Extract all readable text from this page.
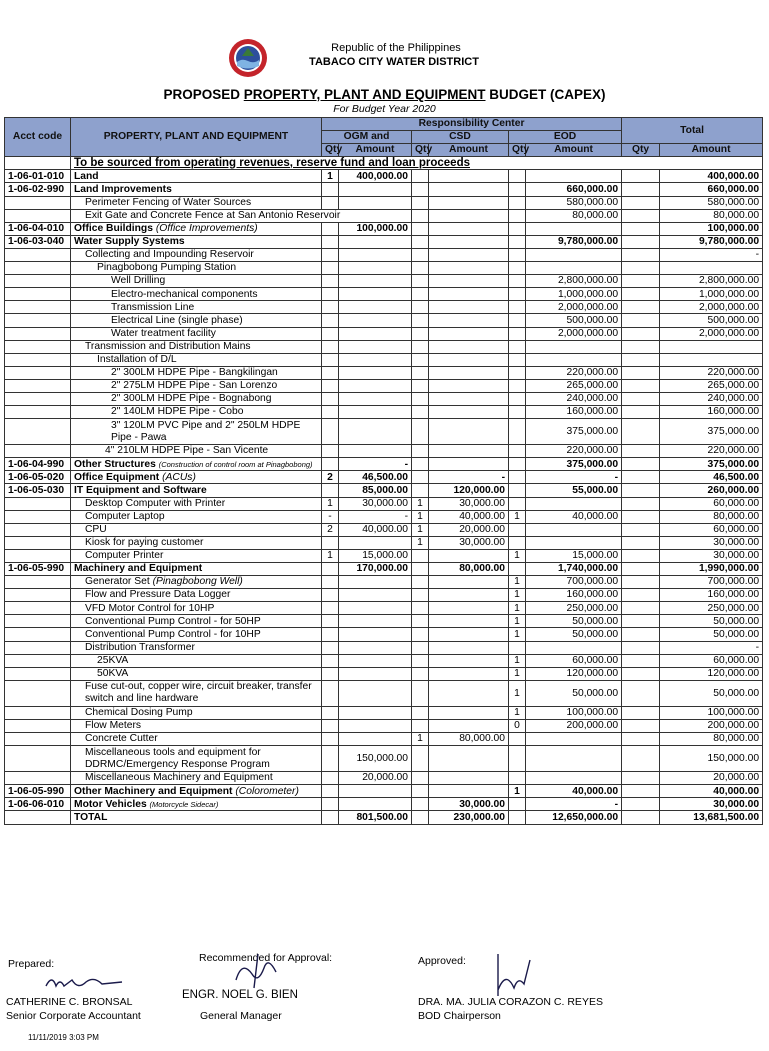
Republic of the Philippines
TABACO CITY WATER DISTRICT
PROPOSED PROPERTY, PLANT AND EQUIPMENT BUDGET (CAPEX)
For Budget Year 2020
Acct code	PROPERTY, PLANT AND EQUIPMENT	Responsibility Center						Total	
		OGM and		CSD		EOD			
		Qty	Amount	Qty	Amount	Qty	Amount	Qty	Amount
	To be sourced from operating revenues, reserve fund and loan proceeds								
1-06-01-010	Land	1	400,000.00						400,000.00
1-06-02-990	Land Improvements						660,000.00		660,000.00
	Perimeter Fencing of Water Sources						580,000.00		580,000.00
	Exit Gate and Concrete Fence at San Antonio Reservoir						80,000.00		80,000.00
1-06-04-010	Office Buildings (Office Improvements)		100,000.00						100,000.00
1-06-03-040	Water Supply Systems						9,780,000.00		9,780,000.00
	Collecting and Impounding Reservoir								-
	Pinagbobong Pumping Station								
	Well Drilling						2,800,000.00		2,800,000.00
	Electro-mechanical components						1,000,000.00		1,000,000.00
	Transmission Line						2,000,000.00		2,000,000.00
	Electrical Line (single phase)						500,000.00		500,000.00
	Water treatment facility						2,000,000.00		2,000,000.00
	Transmission and Distribution Mains								
	Installation of D/L								
	2" 300LM HDPE Pipe - Bangkilingan						220,000.00		220,000.00
	2" 275LM HDPE Pipe - San Lorenzo						265,000.00		265,000.00
	2" 300LM HDPE Pipe - Bognabong						240,000.00		240,000.00
	2" 140LM HDPE Pipe - Cobo						160,000.00		160,000.00
	3" 120LM PVC Pipe and 2" 250LM HDPE Pipe - Pawa						375,000.00		375,000.00
	4" 210LM HDPE Pipe - San Vicente						220,000.00		220,000.00
1-06-04-990	Other Structures (Construction of control room at Pinagbobong)		-				375,000.00		375,000.00
1-06-05-020	Office Equipment (ACUs)	2	46,500.00		-		-		46,500.00
1-06-05-030	IT Equipment and Software		85,000.00		120,000.00		55,000.00		260,000.00
	Desktop Computer with Printer	1	30,000.00	1	30,000.00				60,000.00
	Computer Laptop	-	-	1	40,000.00	1	40,000.00		80,000.00
	CPU	2	40,000.00	1	20,000.00				60,000.00
	Kiosk for paying customer			1	30,000.00				30,000.00
	Computer Printer	1	15,000.00			1	15,000.00		30,000.00
1-06-05-990	Machinery and Equipment		170,000.00		80,000.00		1,740,000.00		1,990,000.00
	Generator Set (Pinagbobong Well)					1	700,000.00		700,000.00
	Flow and Pressure Data Logger					1	160,000.00		160,000.00
	VFD Motor Control for 10HP					1	250,000.00		250,000.00
	Conventional Pump Control - for 50HP					1	50,000.00		50,000.00
	Conventional Pump Control - for 10HP					1	50,000.00		50,000.00
	Distribution Transformer								-
	25KVA					1	60,000.00		60,000.00
	50KVA					1	120,000.00		120,000.00
	Fuse cut-out, copper wire, circuit breaker, transfer switch and line hardware					1	50,000.00		50,000.00
	Chemical Dosing Pump					1	100,000.00		100,000.00
	Flow Meters					0	200,000.00		200,000.00
	Concrete Cutter			1	80,000.00				80,000.00
	Miscellaneous tools and equipment for DDRMC/Emergency Response Program		150,000.00						150,000.00
	Miscellaneous Machinery and Equipment		20,000.00						20,000.00
1-06-05-990	Other Machinery and Equipment (Colorometer)					1	40,000.00		40,000.00
1-06-06-010	Motor Vehicles (Motorcycle Sidecar)				30,000.00		-		30,000.00
	TOTAL		801,500.00		230,000.00		12,650,000.00		13,681,500.00
Prepared:
CATHERINE C. BRONSAL
Senior Corporate Accountant
Recommended for Approval:
ENGR. NOEL G. BIEN
General Manager
Approved:
DRA. MA. JULIA CORAZON C. REYES
BOD Chairperson
11/11/2019 3:03 PM
